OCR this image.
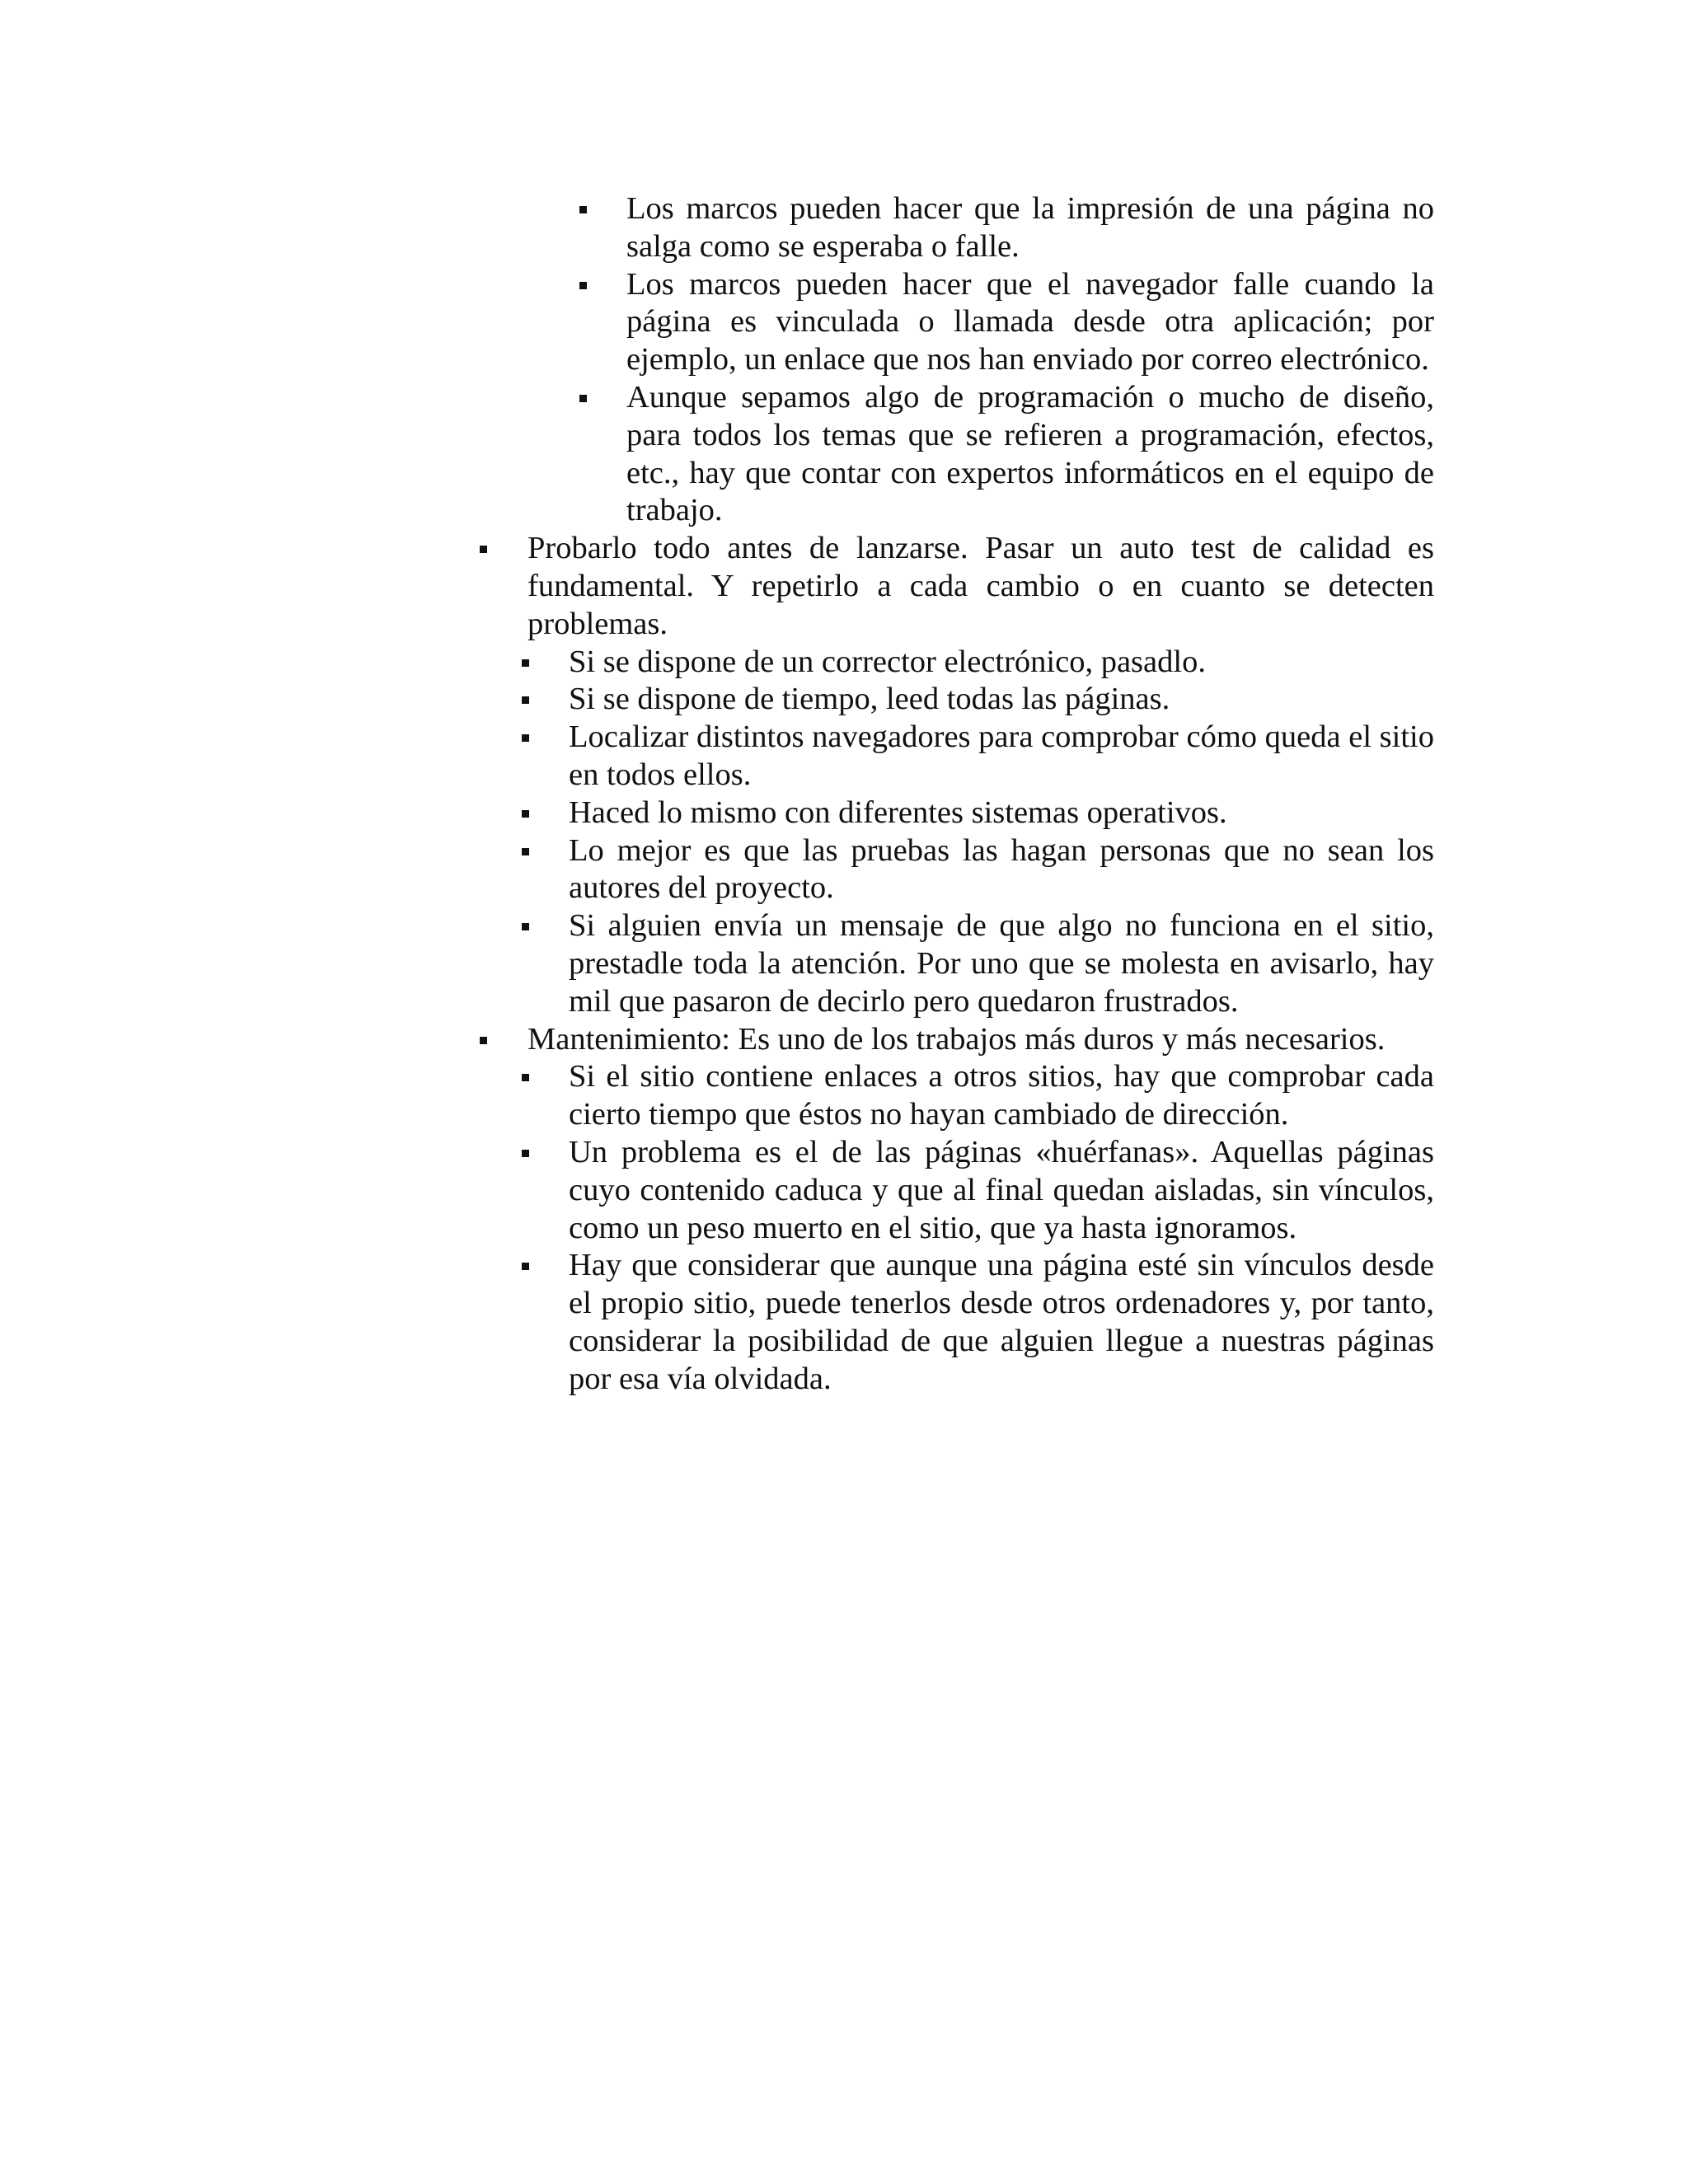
Los marcos pueden hacer que la impresión de una página no salga como se esperaba o falle.
Los marcos pueden hacer que el navegador falle cuando la página es vinculada o llamada desde otra aplicación; por ejemplo, un enlace que nos han enviado por correo electrónico.
Aunque sepamos algo de programación o mucho de diseño, para todos los temas que se refieren a programación, efectos, etc., hay que contar con expertos informáticos en el equipo de trabajo.
Probarlo todo antes de lanzarse. Pasar un auto test de calidad es fundamental. Y repetirlo a cada cambio o en cuanto se detecten problemas.
Si se dispone de un corrector electrónico, pasadlo.
Si se dispone de tiempo, leed todas las páginas.
Localizar distintos navegadores para comprobar cómo queda el sitio en todos ellos.
Haced lo mismo con diferentes sistemas operativos.
Lo mejor es que las pruebas las hagan personas que no sean los autores del proyecto.
Si alguien envía un mensaje de que algo no funciona en el sitio, prestadle toda la atención. Por uno que se molesta en avisarlo, hay mil que pasaron de decirlo pero quedaron frustrados.
Mantenimiento: Es uno de los trabajos más duros y más necesarios.
Si el sitio contiene enlaces a otros sitios, hay que comprobar cada cierto tiempo que éstos no hayan cambiado de dirección.
Un problema es el de las páginas «huérfanas». Aquellas páginas cuyo contenido caduca y que al final quedan aisladas, sin vínculos, como un peso muerto en el sitio, que ya hasta ignoramos.
Hay que considerar que aunque una página esté sin vínculos desde el propio sitio, puede tenerlos desde otros ordenadores y, por tanto, considerar la posibilidad de que alguien llegue a nuestras páginas por esa vía olvidada.
